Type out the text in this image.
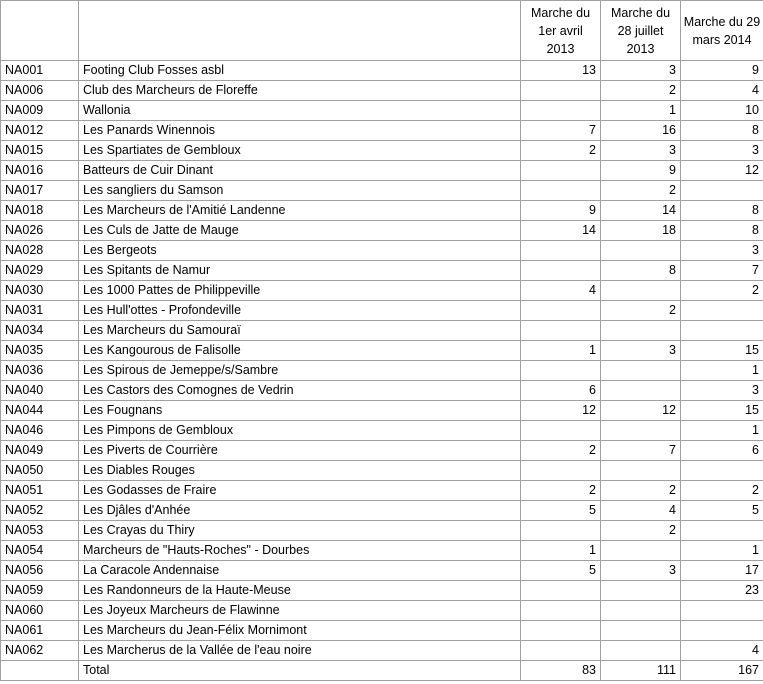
		Marche du 1er avril 2013	Marche du 28 juillet 2013	Marche du 29 mars 2014
NA001	Footing Club Fosses asbl	13	3	9
NA006	Club des Marcheurs de Floreffe		2	4
NA009	Wallonia		1	10
NA012	Les Panards Winennois	7	16	8
NA015	Les Spartiates de Gembloux	2	3	3
NA016	Batteurs de Cuir Dinant		9	12
NA017	Les sangliers du Samson		2	
NA018	Les Marcheurs de l'Amitié Landenne	9	14	8
NA026	Les Culs de Jatte de Mauge	14	18	8
NA028	Les Bergeots			3
NA029	Les Spitants de Namur		8	7
NA030	Les 1000 Pattes de Philippeville	4		2
NA031	Les Hull'ottes - Profondeville		2	
NA034	Les Marcheurs du Samouraï			
NA035	Les Kangourous de Falisolle	1	3	15
NA036	Les Spirous de Jemeppe/s/Sambre			1
NA040	Les Castors des Comognes de Vedrin	6		3
NA044	Les Fougnans	12	12	15
NA046	Les Pimpons de Gembloux			1
NA049	Les Piverts de Courrière	2	7	6
NA050	Les Diables Rouges			
NA051	Les Godasses de Fraire	2	2	2
NA052	Les Djâles d'Anhée	5	4	5
NA053	Les Crayas du Thiry		2	
NA054	Marcheurs de "Hauts-Roches" - Dourbes	1		1
NA056	La Caracole Andennaise	5	3	17
NA059	Les Randonneurs de la Haute-Meuse			23
NA060	Les Joyeux Marcheurs de Flawinne			
NA061	Les Marcheurs du Jean-Félix Mornimont			
NA062	Les Marcherus de la Vallée de l'eau noire			4
	Total	83	111	167
